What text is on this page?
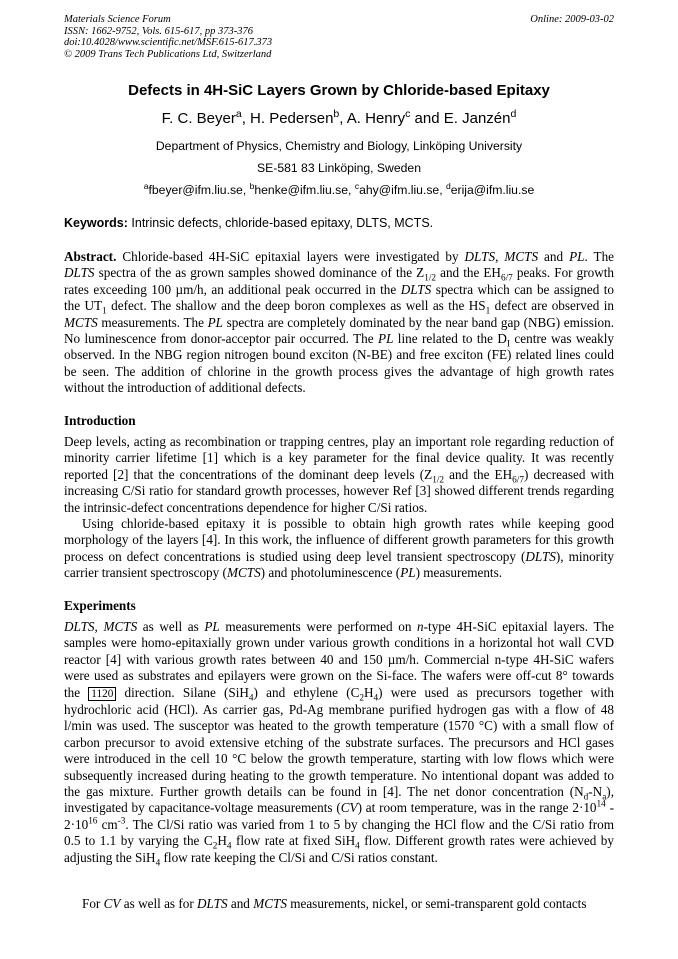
Materials Science Forum
ISSN: 1662-9752, Vols. 615-617, pp 373-376
doi:10.4028/www.scientific.net/MSF.615-617.373
© 2009 Trans Tech Publications Ltd, Switzerland
Online: 2009-03-02
Defects in 4H-SiC Layers Grown by Chloride-based Epitaxy
F. C. Beyer$^a$, H. Pedersen$^b$, A. Henry$^c$ and E. Janzén$^d$
Department of Physics, Chemistry and Biology, Linköping University
SE-581 83 Linköping, Sweden
$^a$fbeyer@ifm.liu.se, $^b$henke@ifm.liu.se, $^c$ahy@ifm.liu.se, $^d$erija@ifm.liu.se
Keywords: Intrinsic defects, chloride-based epitaxy, DLTS, MCTS.
Abstract. Chloride-based 4H-SiC epitaxial layers were investigated by DLTS, MCTS and PL. The DLTS spectra of the as grown samples showed dominance of the $Z_{1/2}$ and the $EH_{6/7}$ peaks. For growth rates exceeding 100 µm/h, an additional peak occurred in the DLTS spectra which can be assigned to the $UT_1$ defect. The shallow and the deep boron complexes as well as the $HS_1$ defect are observed in MCTS measurements. The PL spectra are completely dominated by the near band gap (NBG) emission. No luminescence from donor-acceptor pair occurred. The PL line related to the $D_I$ centre was weakly observed. In the NBG region nitrogen bound exciton (N-BE) and free exciton (FE) related lines could be seen. The addition of chlorine in the growth process gives the advantage of high growth rates without the introduction of additional defects.
Introduction
Deep levels, acting as recombination or trapping centres, play an important role regarding reduction of minority carrier lifetime [1] which is a key parameter for the final device quality. It was recently reported [2] that the concentrations of the dominant deep levels ($Z_{1/2}$ and the $EH_{6/7}$) decreased with increasing C/Si ratio for standard growth processes, however Ref [3] showed different trends regarding the intrinsic-defect concentrations dependence for higher C/Si ratios.
Using chloride-based epitaxy it is possible to obtain high growth rates while keeping good morphology of the layers [4]. In this work, the influence of different growth parameters for this growth process on defect concentrations is studied using deep level transient spectroscopy (DLTS), minority carrier transient spectroscopy (MCTS) and photoluminescence (PL) measurements.
Experiments
DLTS, MCTS as well as PL measurements were performed on n-type 4H-SiC epitaxial layers. The samples were homo-epitaxially grown under various growth conditions in a horizontal hot wall CVD reactor [4] with various growth rates between 40 and 150 µm/h. Commercial n-type 4H-SiC wafers were used as substrates and epilayers were grown on the Si-face. The wafers were off-cut 8° towards the 1120 direction. Silane (SiH$_4$) and ethylene $(C_2H_4)$ were used as precursors together with hydrochloric acid (HCl). As carrier gas, Pd-Ag membrane purified hydrogen gas with a flow of 48 l/min was used. The susceptor was heated to the growth temperature (1570 °C) with a small flow of carbon precursor to avoid extensive etching of the substrate surfaces. The precursors and HCl gases were introduced in the cell 10 °C below the growth temperature, starting with low flows which were subsequently increased during heating to the growth temperature. No intentional dopant was added to the gas mixture. Further growth details can be found in [4]. The net donor concentration $(N_d-N_a)$, investigated by capacitance-voltage measurements (CV) at room temperature, was in the range $2\cdot 10^{14} - 2\cdot 10^{16}$ $cm^{-3}$. The Cl/Si ratio was varied from 1 to 5 by changing the HCl flow and the C/Si ratio from 0.5 to 1.1 by varying the $C_2H_4$ flow rate at fixed SiH$_4$ flow. Different growth rates were achieved by adjusting the SiH$_4$ flow rate keeping the Cl/Si and C/Si ratios constant.
For CV as well as for DLTS and MCTS measurements, nickel, or semi-transparent gold contacts
